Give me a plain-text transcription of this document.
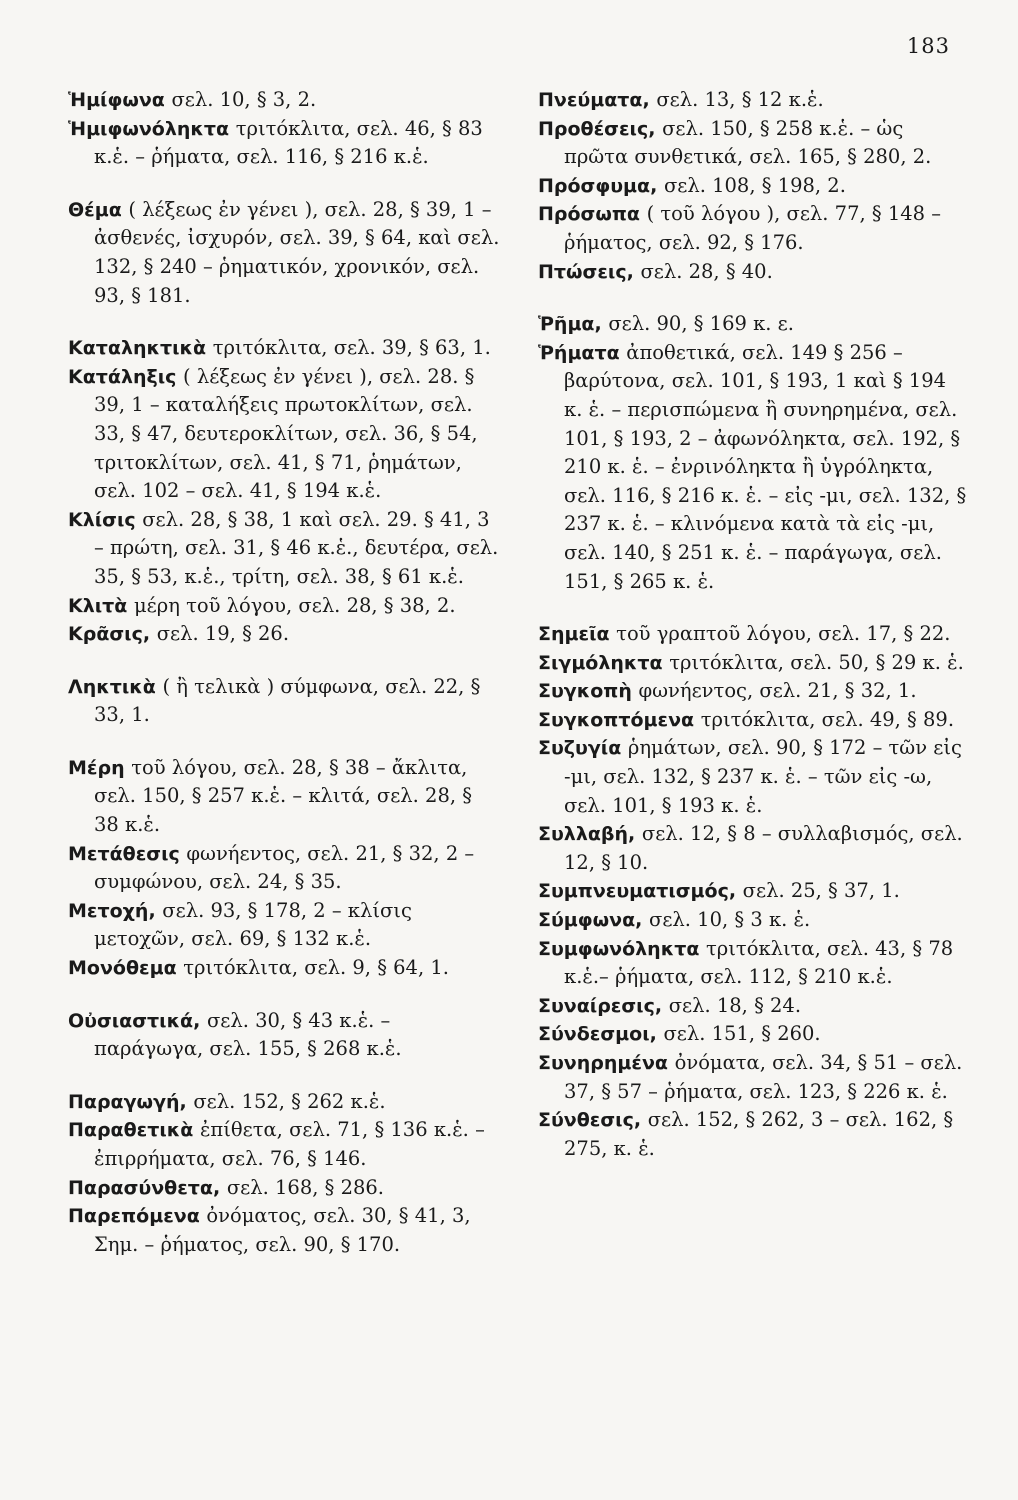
183

Ἡμίφωνα σελ. 10, § 3, 2.

Ἡμιφωνόληκτα τριτόκλιτα, σελ. 46, § 83 κ.ἑ. – ῥήματα, σελ. 116, § 216 κ.ἑ.

Θέμα ( λέξεως ἐν γένει ), σελ. 28, § 39, 1 – ἀσθενές, ἰσχυρόν, σελ. 39, § 64, καὶ σελ. 132, § 240 – ῥηματικόν, χρονικόν, σελ. 93, § 181.

Καταληκτικὰ τριτόκλιτα, σελ. 39, § 63, 1.

Κατάληξις ( λέξεως ἐν γένει ), σελ. 28. § 39, 1 – καταλήξεις πρωτοκλίτων, σελ. 33, § 47, δευτεροκλίτων, σελ. 36, § 54, τριτοκλίτων, σελ. 41, § 71, ῥημάτων, σελ. 102 – σελ. 41, § 194 κ.ἑ.

Κλίσις σελ. 28, § 38, 1 καὶ σελ. 29. § 41, 3 – πρώτη, σελ. 31, § 46 κ.ἑ., δευτέρα, σελ. 35, § 53, κ.ἑ., τρίτη, σελ. 38, § 61 κ.ἑ.

Κλιτὰ μέρη τοῦ λόγου, σελ. 28, § 38, 2.

Κρᾶσις, σελ. 19, § 26.

Ληκτικὰ ( ἢ τελικὰ ) σύμφωνα, σελ. 22, § 33, 1.

Μέρη τοῦ λόγου, σελ. 28, § 38 – ἄκλιτα, σελ. 150, § 257 κ.ἑ. – κλιτά, σελ. 28, § 38 κ.ἑ.

Μετάθεσις φωνήεντος, σελ. 21, § 32, 2 – συμφώνου, σελ. 24, § 35.

Μετοχή, σελ. 93, § 178, 2 – κλίσις μετοχῶν, σελ. 69, § 132 κ.ἑ.

Μονόθεμα τριτόκλιτα, σελ. 9, § 64, 1.

Οὐσιαστικά, σελ. 30, § 43 κ.ἑ. – παράγωγα, σελ. 155, § 268 κ.ἑ.

Παραγωγή, σελ. 152, § 262 κ.ἑ.

Παραθετικὰ ἐπίθετα, σελ. 71, § 136 κ.ἑ. – ἐπιρρήματα, σελ. 76, § 146.

Παρασύνθετα, σελ. 168, § 286.

Παρεπόμενα ὀνόματος, σελ. 30, § 41, 3, Σημ. – ῥήματος, σελ. 90, § 170.

Πνεύματα, σελ. 13, § 12 κ.ἑ.

Προθέσεις, σελ. 150, § 258 κ.ἑ. – ὡς πρῶτα συνθετικά, σελ. 165, § 280, 2.

Πρόσφυμα, σελ. 108, § 198, 2.

Πρόσωπα ( τοῦ λόγου ), σελ. 77, § 148 – ῥήματος, σελ. 92, § 176.

Πτώσεις, σελ. 28, § 40.

Ῥῆμα, σελ. 90, § 169 κ. ε.

Ῥήματα ἀποθετικά, σελ. 149 § 256 – βαρύτονα, σελ. 101, § 193, 1 καὶ § 194 κ. ἑ. – περισπώμενα ἢ συνηρημένα, σελ. 101, § 193, 2 – ἀφωνόληκτα, σελ. 192, § 210 κ. ἑ. – ἐνρινόληκτα ἢ ὑγρόληκτα, σελ. 116, § 216 κ. ἑ. – εἰς -μι, σελ. 132, § 237 κ. ἑ. – κλινόμενα κατὰ τὰ εἰς -μι, σελ. 140, § 251 κ. ἑ. – παράγωγα, σελ. 151, § 265 κ. ἑ.

Σημεῖα τοῦ γραπτοῦ λόγου, σελ. 17, § 22.

Σιγμόληκτα τριτόκλιτα, σελ. 50, § 29 κ. ἑ.

Συγκοπὴ φωνήεντος, σελ. 21, § 32, 1.

Συγκοπτόμενα τριτόκλιτα, σελ. 49, § 89.

Συζυγία ῥημάτων, σελ. 90, § 172 – τῶν εἰς -μι, σελ. 132, § 237 κ. ἑ. – τῶν εἰς -ω, σελ. 101, § 193 κ. ἑ.

Συλλαβή, σελ. 12, § 8 – συλλαβισμός, σελ. 12, § 10.

Συμπνευματισμός, σελ. 25, § 37, 1.

Σύμφωνα, σελ. 10, § 3 κ. ἑ.

Συμφωνόληκτα τριτόκλιτα, σελ. 43, § 78 κ.ἑ.– ῥήματα, σελ. 112, § 210 κ.ἑ.

Συναίρεσις, σελ. 18, § 24.

Σύνδεσμοι, σελ. 151, § 260.

Συνηρημένα ὀνόματα, σελ. 34, § 51 – σελ. 37, § 57 – ῥήματα, σελ. 123, § 226 κ. ἑ.

Σύνθεσις, σελ. 152, § 262, 3 – σελ. 162, § 275, κ. ἑ.
